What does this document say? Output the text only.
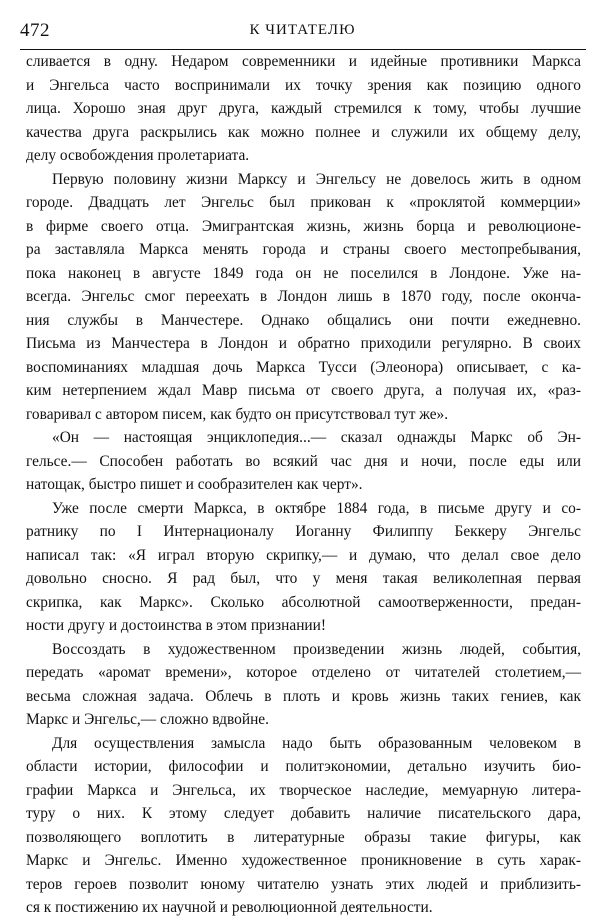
472	К ЧИТАТЕЛЮ
сливается в одну. Недаром современники и идейные противники Маркса
и Энгельса часто воспринимали их точку зрения как позицию одного
лица. Хорошо зная друг друга, каждый стремился к тому, чтобы лучшие
качества друга раскрылись как можно полнее и служили их общему делу,
делу освобождения пролетариата.
Первую половину жизни Марксу и Энгельсу не довелось жить в одном
городе. Двадцать лет Энгельс был прикован к «проклятой коммерции»
в фирме своего отца. Эмигрантская жизнь, жизнь борца и революционе-
ра заставляла Маркса менять города и страны своего местопребывания,
пока наконец в августе 1849 года он не поселился в Лондоне. Уже на-
всегда. Энгельс смог переехать в Лондон лишь в 1870 году, после оконча-
ния службы в Манчестере. Однако общались они почти ежедневно.
Письма из Манчестера в Лондон и обратно приходили регулярно. В своих
воспоминаниях младшая дочь Маркса Тусси (Элеонора) описывает, с ка-
ким нетерпением ждал Мавр письма от своего друга, а получая их, «раз-
говаривал с автором писем, как будто он присутствовал тут же».
«Он — настоящая энциклопедия...— сказал однажды Маркс об Эн-
гельсе.— Способен работать во всякий час дня и ночи, после еды или
натощак, быстро пишет и сообразителен как черт».
Уже после смерти Маркса, в октябре 1884 года, в письме другу и со-
ратнику по I Интернационалу Иоганну Филиппу Беккеру Энгельс
написал так: «Я играл вторую скрипку,— и думаю, что делал свое дело
довольно сносно. Я рад был, что у меня такая великолепная первая
скрипка, как Маркс». Сколько абсолютной самоотверженности, предан-
ности другу и достоинства в этом признании!
Воссоздать в художественном произведении жизнь людей, события,
передать «аромат времени», которое отделено от читателей столетием,—
весьма сложная задача. Облечь в плоть и кровь жизнь таких гениев, как
Маркс и Энгельс,— сложно вдвойне.
Для осуществления замысла надо быть образованным человеком в
области истории, философии и политэкономии, детально изучить био-
графии Маркса и Энгельса, их творческое наследие, мемуарную литера-
туру о них. К этому следует добавить наличие писательского дара,
позволяющего воплотить в литературные образы такие фигуры, как
Маркс и Энгельс. Именно художественное проникновение в суть харак-
теров героев позволит юному читателю узнать этих людей и приблизить-
ся к постижению их научной и революционной деятельности.
